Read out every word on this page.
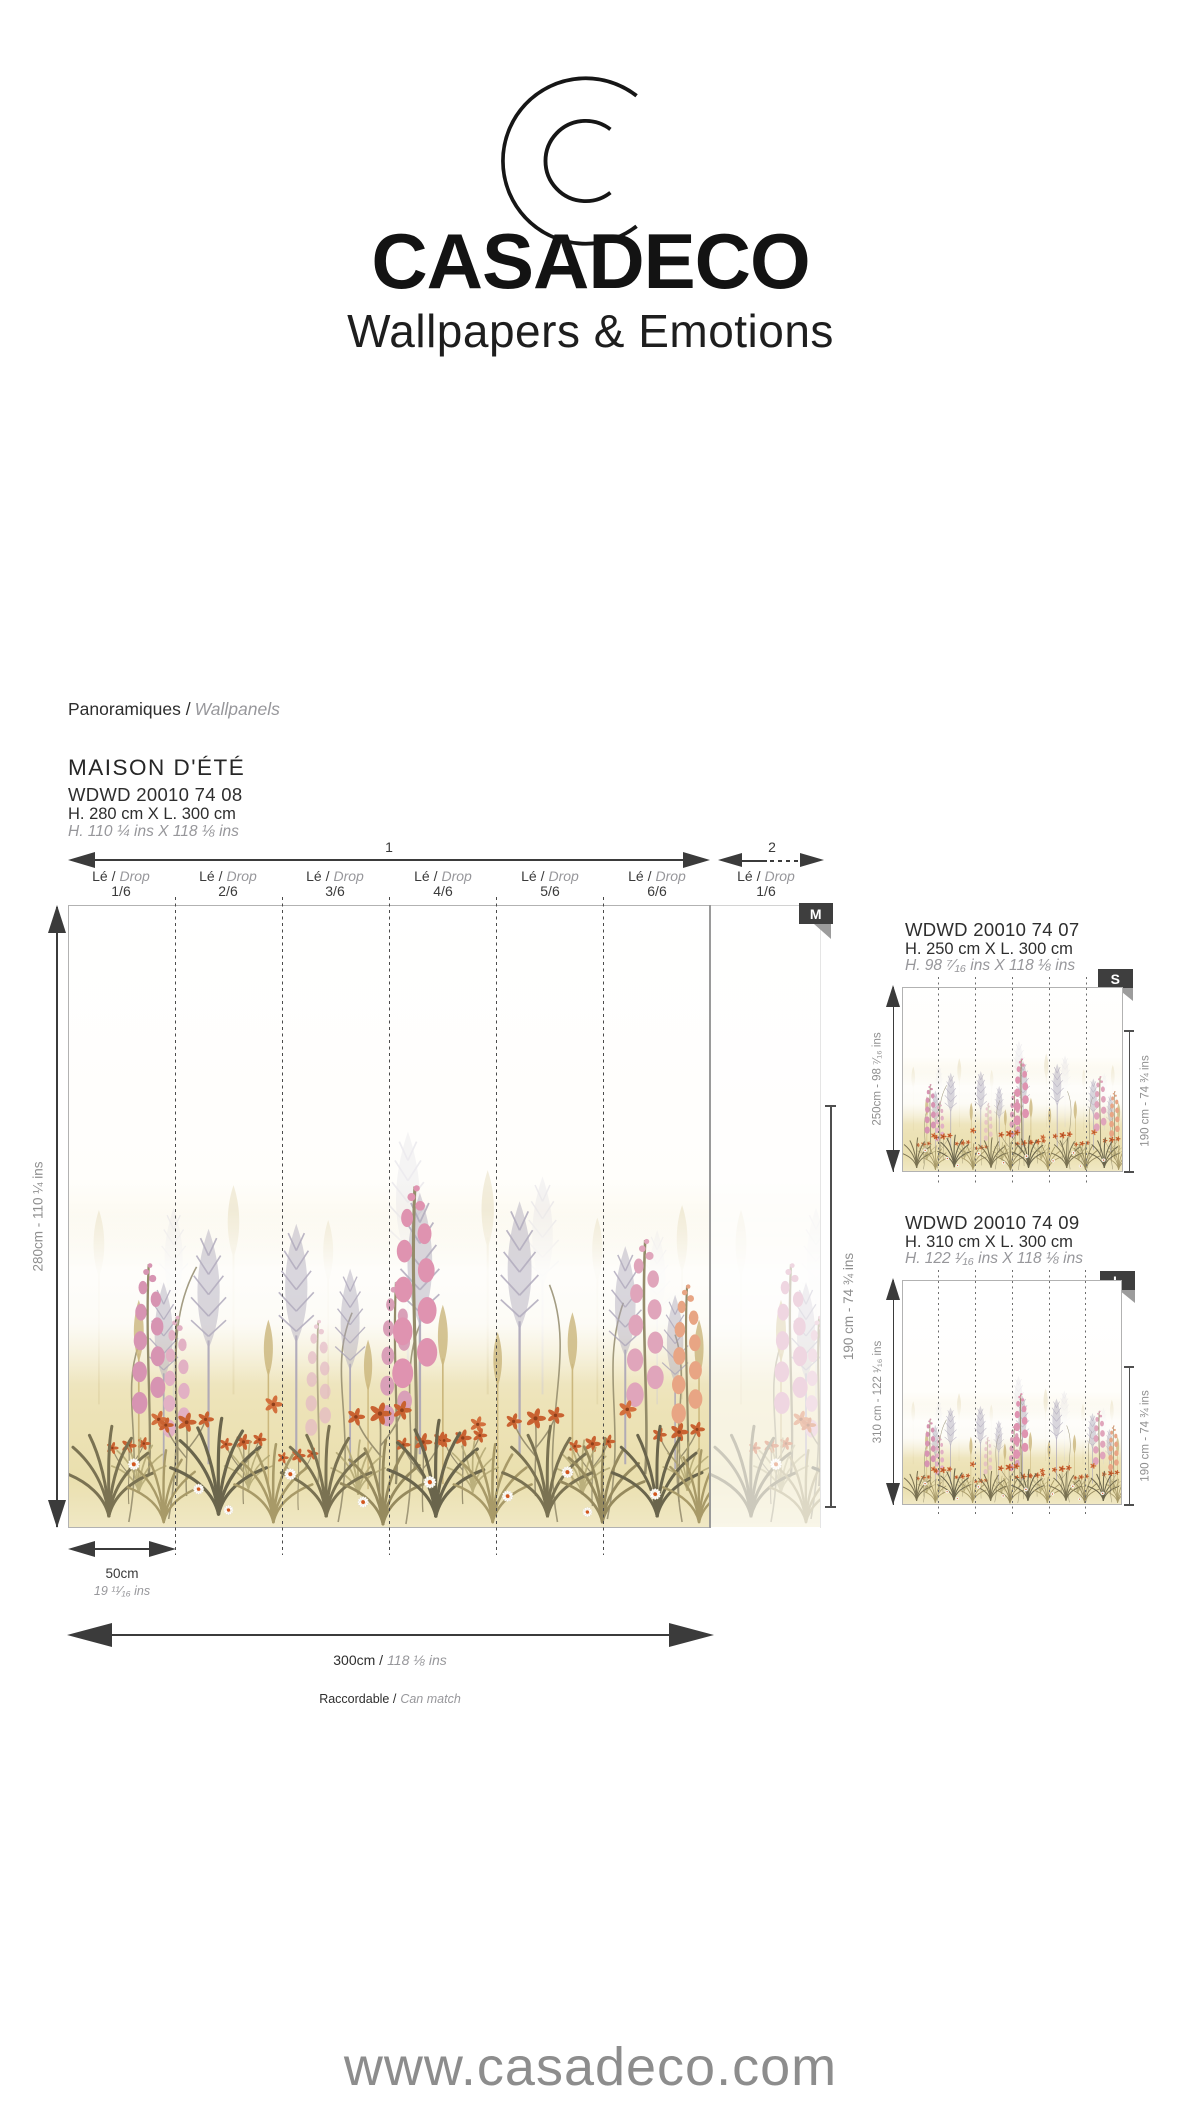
CASADECO
Wallpapers & Emotions
Panoramiques / Wallpanels
MAISON D'ÉTÉ
WDWD 20010 74 08
H. 280 cm X L. 300 cm
H. 110 ¼ ins X 118 ⅛ ins
1	2
Lé / Drop
1/6
Lé / Drop
2/6
Lé / Drop
3/6
Lé / Drop
4/6
Lé / Drop
5/6
Lé / Drop
6/6
Lé / Drop
1/6
M
280cm - 110 ¼ ins
190 cm - 74 ¾ ins
50cm
19 ¹¹⁄₁₆ ins
300cm / 118 ⅛ ins
Raccordable / Can match
WDWD 20010 74 07
H. 250 cm X L. 300 cm
H. 98 ⁷⁄₁₆ ins X 118 ⅛ ins
S
250cm - 98 ⁷⁄₁₆ ins	190 cm - 74 ¾ ins
WDWD 20010 74 09
H. 310 cm X L. 300 cm
H. 122 ¹⁄₁₆ ins X 118 ⅛ ins
310 cm - 122 ¹⁄₁₆ ins	190 cm - 74 ¾ ins
www.casadeco.com
